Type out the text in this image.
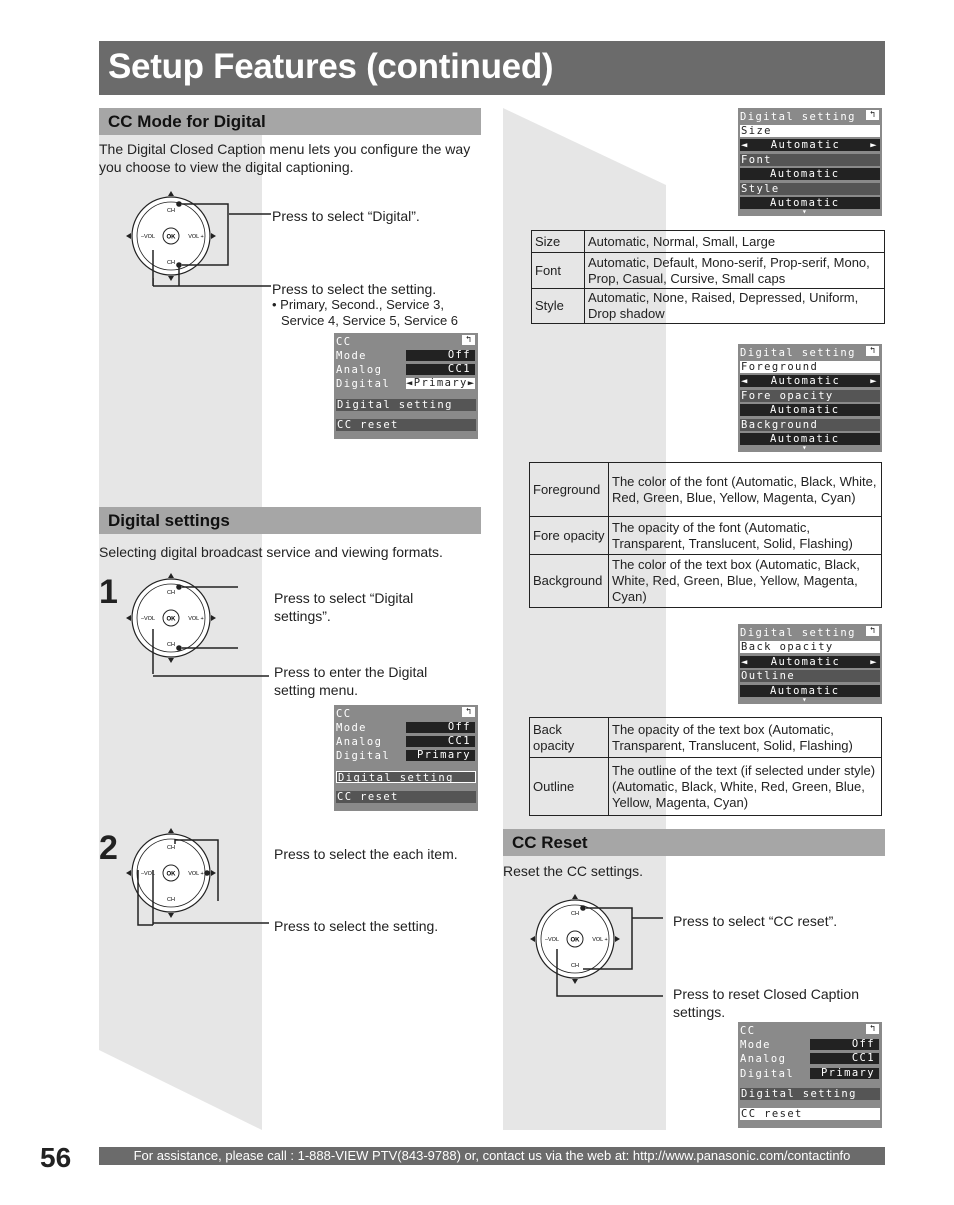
Setup Features (continued)
CC Mode for Digital
The Digital Closed Caption menu lets you configure the way you choose to view the digital captioning.
OK
CH
CH
–VOL	VOL +
Press to select “Digital”.
Press to select the setting.
• Primary, Second., Service 3,
Service 4, Service 5, Service 6
CC	↰
Mode	Off
Analog	CC1
Digital ◄Primary►
Digital setting
CC reset
Digital settings
Selecting digital broadcast service and viewing formats.
1
OK
CH
CH
–VOL	VOL +
Press to select “Digital settings”.
Press to enter the Digital setting menu.
CC	↰
Mode	Off
Analog	CC1
Digital	Primary
Digital setting
CC reset
2
OK
CH
CH
–VOL	VOL +
Press to select the each item.
Press to select the setting.
Digital setting	↰
Size
◄ Automatic	►
Font
Automatic
Style
Automatic
▾
Size	Automatic, Normal, Small, Large
Font	Automatic, Default, Mono-serif, Prop-serif, Mono, Prop, Casual, Cursive, Small caps
Style	Automatic, None, Raised, Depressed, Uniform, Drop shadow
Digital setting	↰
Foreground
◄ Automatic	►
Fore opacity
Automatic
Background
Automatic
▾
Foreground	The color of the font (Automatic, Black, White, Red, Green, Blue, Yellow, Magenta, Cyan)
Fore opacity	The opacity of the font (Automatic, Transparent, Translucent, Solid, Flashing)
Background	The color of the text box (Automatic, Black, White, Red, Green, Blue, Yellow, Magenta, Cyan)
Digital setting	↰
Back opacity
◄ Automatic	►
Outline
Automatic
▾
Back opacity	The opacity of the text box (Automatic, Transparent, Translucent, Solid, Flashing)
Outline	The outline of the text (if selected under style) (Automatic, Black, White, Red, Green, Blue, Yellow, Magenta, Cyan)
CC Reset
Reset the CC settings.
OK
CH
CH
–VOL	VOL +
Press to select “CC reset”.
Press to reset Closed Caption settings.
CC	↰
Mode	Off
Analog	CC1
Digital	Primary
Digital setting
CC reset
56	For assistance, please call : 1-888-VIEW PTV(843-9788) or, contact us via the web at: http://www.panasonic.com/contactinfo
